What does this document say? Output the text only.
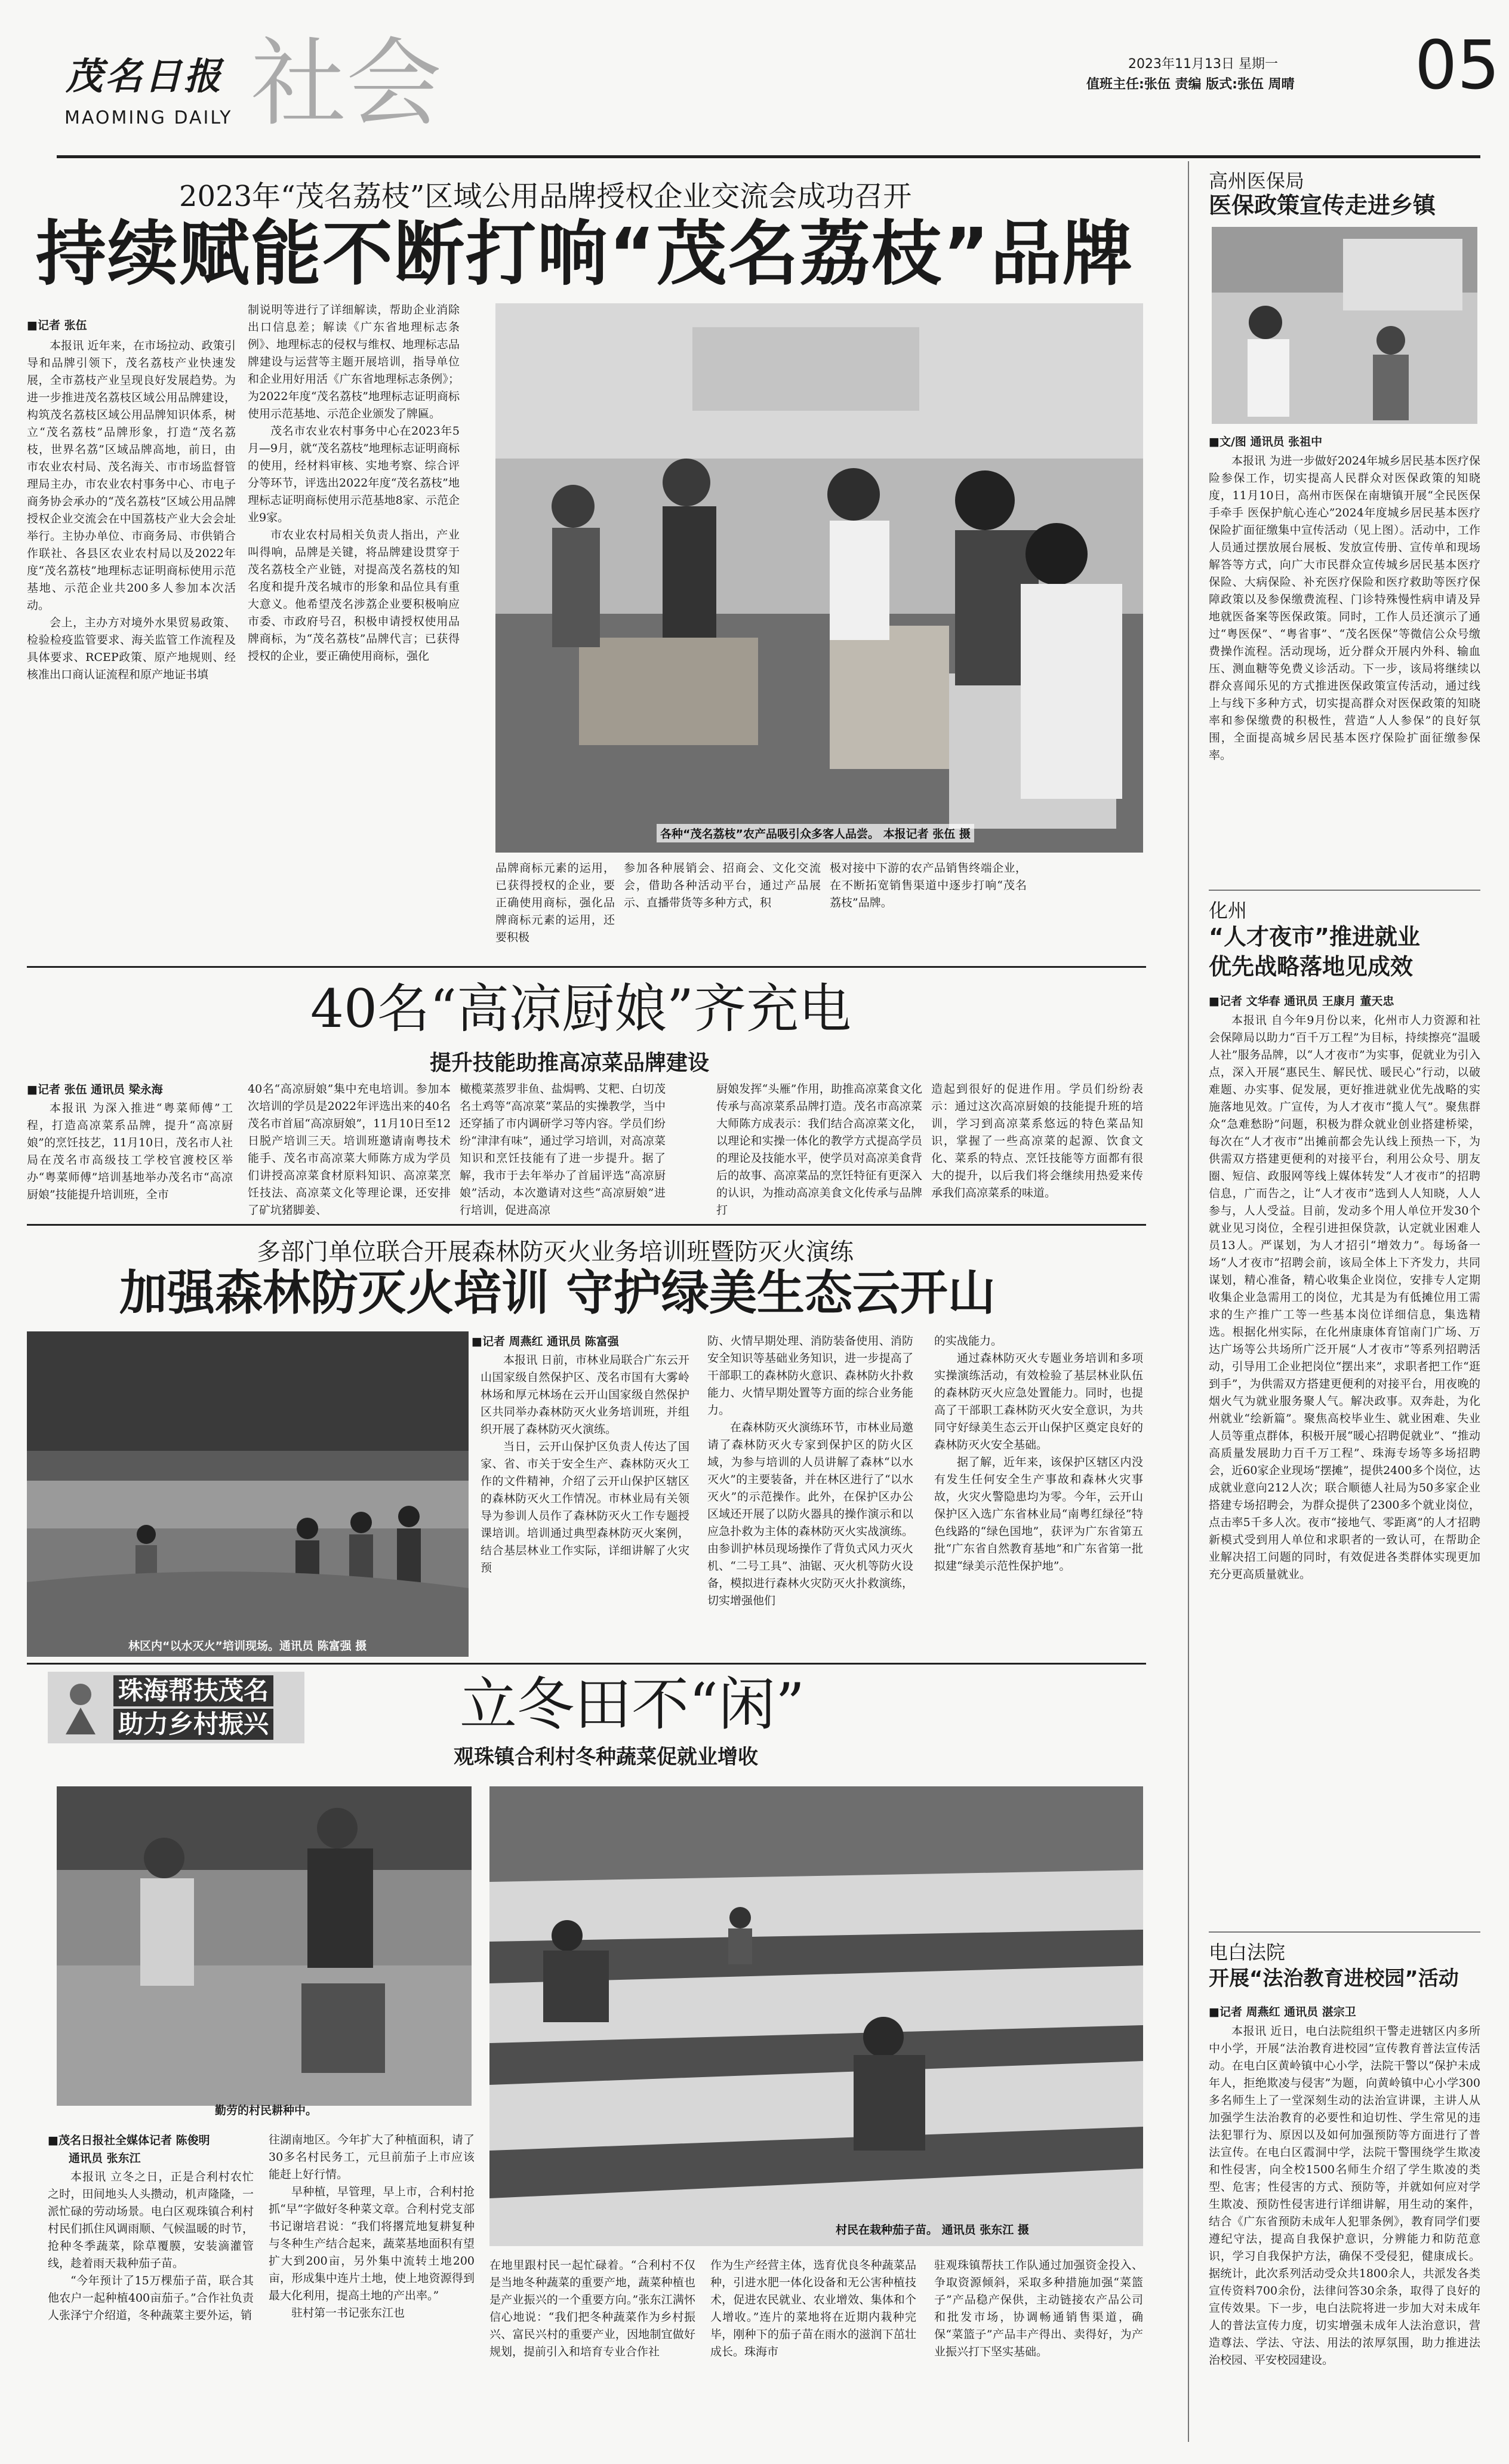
茂名日报
MAOMING DAILY 社会	2023年11月13日 星期一
值班主任:张伍 责编 版式:张伍 周晴 05
2023年“茂名荔枝”区域公用品牌授权企业交流会成功召开
持续赋能不断打响“茂名荔枝”品牌
■记者 张伍

本报讯 近年来，在市场拉动、政策引导和品牌引领下，茂名荔枝产业快速发展，全市荔枝产业呈现良好发展趋势。为进一步推进茂名荔枝区域公用品牌建设，构筑茂名荔枝区域公用品牌知识体系，树立“茂名荔枝”品牌形象，打造“茂名荔枝，世界名荔”区域品牌高地，前日，由市农业农村局、茂名海关、市市场监督管理局主办，市农业农村事务中心、市电子商务协会承办的“茂名荔枝”区域公用品牌授权企业交流会在中国荔枝产业大会会址举行。主协办单位、市商务局、市供销合作联社、各县区农业农村局以及2022年度“茂名荔枝”地理标志证明商标使用示范基地、示范企业共200多人参加本次活动。

会上，主办方对境外水果贸易政策、检验检疫监管要求、海关监管工作流程及具体要求、RCEP政策、原产地规则、经核准出口商认证流程和原产地证书填

制说明等进行了详细解读，帮助企业消除出口信息差；解读《广东省地理标志条例》、地理标志的侵权与维权、地理标志品牌建设与运营等主题开展培训，指导单位和企业用好用活《广东省地理标志条例》；为2022年度“茂名荔枝”地理标志证明商标使用示范基地、示范企业颁发了牌匾。

茂名市农业农村事务中心在2023年5月—9月，就“茂名荔枝”地理标志证明商标的使用，经材料审核、实地考察、综合评分等环节，评选出2022年度“茂名荔枝”地理标志证明商标使用示范基地8家、示范企业9家。

市农业农村局相关负责人指出，产业叫得响，品牌是关键，将品牌建设贯穿于茂名荔枝全产业链，对提高茂名荔枝的知名度和提升茂名城市的形象和品位具有重大意义。他希望茂名涉荔企业要积极响应市委、市政府号召，积极申请授权使用品牌商标，为“茂名荔枝”品牌代言；已获得授权的企业，要正确使用商标，强化

各种“茂名荔枝”农产品吸引众多客人品尝。 本报记者 张伍 摄

品牌商标元素的运用，已获得授权的企业，要正确使用商标，强化品牌商标元素的运用，还要积极

参加各种展销会、招商会、文化交流会，借助各种活动平台，通过产品展示、直播带货等多种方式，积

极对接中下游的农产品销售终端企业，在不断拓宽销售渠道中逐步打响“茂名荔枝”品牌。

40名“高凉厨娘”齐充电
提升技能助推高凉菜品牌建设
■记者 张伍 通讯员 梁永海

本报讯 为深入推进“粤菜师傅”工程，打造高凉菜系品牌，提升“高凉厨娘”的烹饪技艺，11月10日，茂名市人社局在茂名市高级技工学校官渡校区举办“粤菜师傅”培训基地举办茂名市“高凉厨娘”技能提升培训班，全市

40名“高凉厨娘”集中充电培训。参加本次培训的学员是2022年评选出来的40名茂名市首届“高凉厨娘”，11月10日至12日脱产培训三天。培训班邀请南粤技术能手、茂名市高凉菜大师陈方成为学员们讲授高凉菜食材原料知识、高凉菜烹饪技法、高凉菜文化等理论课，还安排了矿坑猪脚姜、

橄榄菜蒸罗非鱼、盐焗鸭、艾粑、白切茂名土鸡等“高凉菜”菜品的实操教学，当中还穿插了市内调研学习等内容。学员们纷纷“津津有味”，通过学习培训，对高凉菜知识和烹饪技能有了进一步提升。据了解，我市于去年举办了首届评选“高凉厨娘”活动，本次邀请对这些“高凉厨娘”进行培训，促进高凉

厨娘发挥“头雁”作用，助推高凉菜食文化传承与高凉菜系品牌打造。茂名市高凉菜大师陈方成表示：我们结合高凉菜文化，以理论和实操一体化的教学方式提高学员的理论及技能水平，使学员对高凉美食背后的故事、高凉菜品的烹饪特征有更深入的认识，为推动高凉美食文化传承与品牌打

造起到很好的促进作用。学员们纷纷表示：通过这次高凉厨娘的技能提升班的培训，学习到高凉菜系悠远的特色菜品知识，掌握了一些高凉菜的起源、饮食文化、菜系的特点、烹饪技能等方面都有很大的提升，以后我们将会继续用热爱来传承我们高凉菜系的味道。

多部门单位联合开展森林防灭火业务培训班暨防灭火演练
加强森林防灭火培训 守护绿美生态云开山
林区内“以水灭火”培训现场。通讯员 陈富强 摄
■记者 周燕红 通讯员 陈富强

本报讯 日前，市林业局联合广东云开山国家级自然保护区、茂名市国有大雾岭林场和厚元林场在云开山国家级自然保护区共同举办森林防灭火业务培训班，并组织开展了森林防灭火演练。

当日，云开山保护区负责人传达了国家、省、市关于安全生产、森林防灭火工作的文件精神，介绍了云开山保护区辖区的森林防灭火工作情况。市林业局有关领导为参训人员作了森林防灭火工作专题授课培训。培训通过典型森林防灭火案例，结合基层林业工作实际，详细讲解了火灾预

防、火情早期处理、消防装备使用、消防安全知识等基础业务知识，进一步提高了干部职工的森林防火意识、森林防火扑救能力、火情早期处置等方面的综合业务能力。

在森林防灭火演练环节，市林业局邀请了森林防灭火专家到保护区的防火区域，为参与培训的人员讲解了森林“以水灭火”的主要装备，并在林区进行了“以水灭火”的示范操作。此外，在保护区办公区域还开展了以防火器具的操作演示和以应急扑救为主体的森林防灭火实战演练。由参训护林员现场操作了背负式风力灭火机、“二号工具”、油锯、灭火机等防火设备，模拟进行森林火灾防灭火扑救演练，切实增强他们

的实战能力。

通过森林防灭火专题业务培训和多项实操演练活动，有效检验了基层林业队伍的森林防灭火应急处置能力。同时，也提高了干部职工森林防灭火安全意识，为共同守好绿美生态云开山保护区奠定良好的森林防灭火安全基础。

据了解，近年来，该保护区辖区内没有发生任何安全生产事故和森林火灾事故，火灾火警隐患均为零。今年，云开山保护区入选广东省林业局“南粤红绿径”特色线路的“绿色国地”，获评为广东省第五批“广东省自然教育基地”和广东省第一批拟建“绿美示范性保护地”。

珠海帮扶茂名
助力乡村振兴	立冬田不“闲”
观珠镇合利村冬种蔬菜促就业增收
勤劳的村民耕种中。
村民在栽种茄子苗。 通讯员 张东江 摄
■茂名日报社全媒体记者 陈俊明
通讯员 张东江

本报讯 立冬之日，正是合利村农忙之时，田间地头人头攒动，机声隆隆，一派忙碌的劳动场景。电白区观珠镇合利村村民们抓住风调雨顺、气候温暖的时节，抢种冬季蔬菜，除草覆膜，安装滴灌管线，趁着雨天栽种茄子苗。

“今年预计了15万棵茄子苗，联合其他农户一起种植400亩茄子。”合作社负责人张泽宁介绍道，冬种蔬菜主要外运，销

往湖南地区。今年扩大了种植面积，请了30多名村民务工，元旦前茄子上市应该能赶上好行情。

早种植，早管理，早上市，合利村抢抓“早”字做好冬种菜文章。合利村党支部书记谢培君说：“我们将撂荒地复耕复种与冬种生产结合起来，蔬菜基地面积有望扩大到200亩，另外集中流转土地200亩，形成集中连片土地，使上地资源得到最大化利用，提高土地的产出率。”

驻村第一书记张东江也

在地里跟村民一起忙碌着。“合利村不仅是当地冬种蔬菜的重要产地，蔬菜种植也是产业振兴的一个重要方向。”张东江满怀信心地说：“我们把冬种蔬菜作为乡村振兴、富民兴村的重要产业，因地制宜做好规划，提前引入和培育专业合作社

作为生产经营主体，选育优良冬种蔬菜品种，引进水肥一体化设备和无公害种植技术，促进农民就业、农业增效、集体和个人增收。”连片的菜地将在近期内栽种完毕，刚种下的茄子苗在雨水的滋润下茁壮成长。珠海市

驻观珠镇帮扶工作队通过加强资金投入、争取资源倾斜，采取多种措施加强“菜篮子”产品稳产保供，主动链接农产品公司和批发市场，协调畅通销售渠道，确保“菜篮子”产品丰产得出、卖得好，为产业振兴打下坚实基础。

高州医保局
医保政策宣传走进乡镇
■文/图 通讯员 张祖中

本报讯 为进一步做好2024年城乡居民基本医疗保险参保工作，切实提高人民群众对医保政策的知晓度，11月10日，高州市医保在南塘镇开展“全民医保手牵手 医保护航心连心”2024年度城乡居民基本医疗保险扩面征缴集中宣传活动（见上图）。活动中，工作人员通过摆放展台展板、发放宣传册、宣传单和现场解答等方式，向广大市民群众宣传城乡居民基本医疗保险、大病保险、补充医疗保险和医疗救助等医疗保障政策以及参保缴费流程、门诊特殊慢性病申请及异地就医备案等医保政策。同时，工作人员还演示了通过“粤医保”、“粤省事”、“茂名医保”等微信公众号缴费操作流程。活动现场，近分群众开展内外科、输血压、测血糖等免费义诊活动。下一步，该局将继续以群众喜闻乐见的方式推进医保政策宣传活动，通过线上与线下多种方式，切实提高群众对医保政策的知晓率和参保缴费的积极性，营造“人人参保”的良好氛围，全面提高城乡居民基本医疗保险扩面征缴参保率。

化州
“人才夜市”推进就业
优先战略落地见成效
■记者 文华春 通讯员 王康月 董天忠

本报讯 自今年9月份以来，化州市人力资源和社会保障局以助力“百千万工程”为目标，持续擦亮“温暖人社”服务品牌，以“人才夜市”为实事，促就业为引入点，深入开展“惠民生、解民忧、暖民心”行动，以破难题、办实事、促发展，更好推进就业优先战略的实施落地见效。广宣传，为人才夜市“揽人气”。聚焦群众“急难愁盼”问题，积极为群众就业创业搭建桥梁，每次在“人才夜市”出摊前都会先认线上预热一下，为供需双方搭建更便利的对接平台，利用公众号、朋友圈、短信、政服网等线上媒体转发“人才夜市”的招聘信息，广而告之，让“人才夜市”选到人人知晓，人人参与，人人受益。目前，发动多个用人单位开发30个就业见习岗位，全程引进担保贷款，认定就业困难人员13人。严谋划，为人才招引“增效力”。每场备一场“人才夜市”招聘会前，该局全体上下齐发力，共同谋划，精心准备，精心收集企业岗位，安排专人定期收集企业急需用工的岗位，尤其是为有低摊位用工需求的生产推广工等一些基本岗位详细信息，集选精选。根据化州实际，在化州康康体育馆南门广场、万达广场等公共场所广泛开展“人才夜市”等系列招聘活动，引导用工企业把岗位“摆出来”，求职者把工作“逛到手”，为供需双方搭建更便利的对接平台，用夜晚的烟火气为就业服务聚人气。解决政事。双奔赴，为化州就业“绘新篇”。聚焦高校毕业生、就业困难、失业人员等重点群体，积极开展“暖心招聘促就业”、“推动高质量发展助力百千万工程”、珠海专场等多场招聘会，近60家企业现场“摆摊”，提供2400多个岗位，达成就业意向212人次；联合顺德人社局为50多家企业搭建专场招聘会，为群众提供了2300多个就业岗位，点击率5千多人次。夜市“接地气、零距离”的人才招聘新模式受到用人单位和求职者的一致认可，在帮助企业解决招工问题的同时，有效促进各类群体实现更加充分更高质量就业。

电白法院
开展“法治教育进校园”活动
■记者 周燕红 通讯员 湛宗卫

本报讯 近日，电白法院组织干警走进辖区内多所中小学，开展“法治教育进校园”宣传教育普法宣传活动。在电白区黄岭镇中心小学，法院干警以“保护未成年人，拒绝欺凌与侵害”为题，向黄岭镇中心小学300多名师生上了一堂深刻生动的法治宣讲课，主讲人从加强学生法治教育的必要性和迫切性、学生常见的违法犯罪行为、原因以及如何加强预防等方面进行了普法宣传。在电白区霞洞中学，法院干警围绕学生欺凌和性侵害，向全校1500名师生介绍了学生欺凌的类型、危害；性侵害的方式、预防等，并就如何应对学生欺凌、预防性侵害进行详细讲解，用生动的案件，结合《广东省预防未成年人犯罪条例》，教育同学们要遵纪守法，提高自我保护意识，分辨能力和防范意识，学习自我保护方法，确保不受侵犯，健康成长。据统计，此次系列活动受众共1800余人，共派发各类宣传资料700余份，法律问答30余条，取得了良好的宣传效果。下一步，电白法院将进一步加大对未成年人的普法宣传力度，切实增强未成年人法治意识，营造尊法、学法、守法、用法的浓厚氛围，助力推进法治校园、平安校园建设。
